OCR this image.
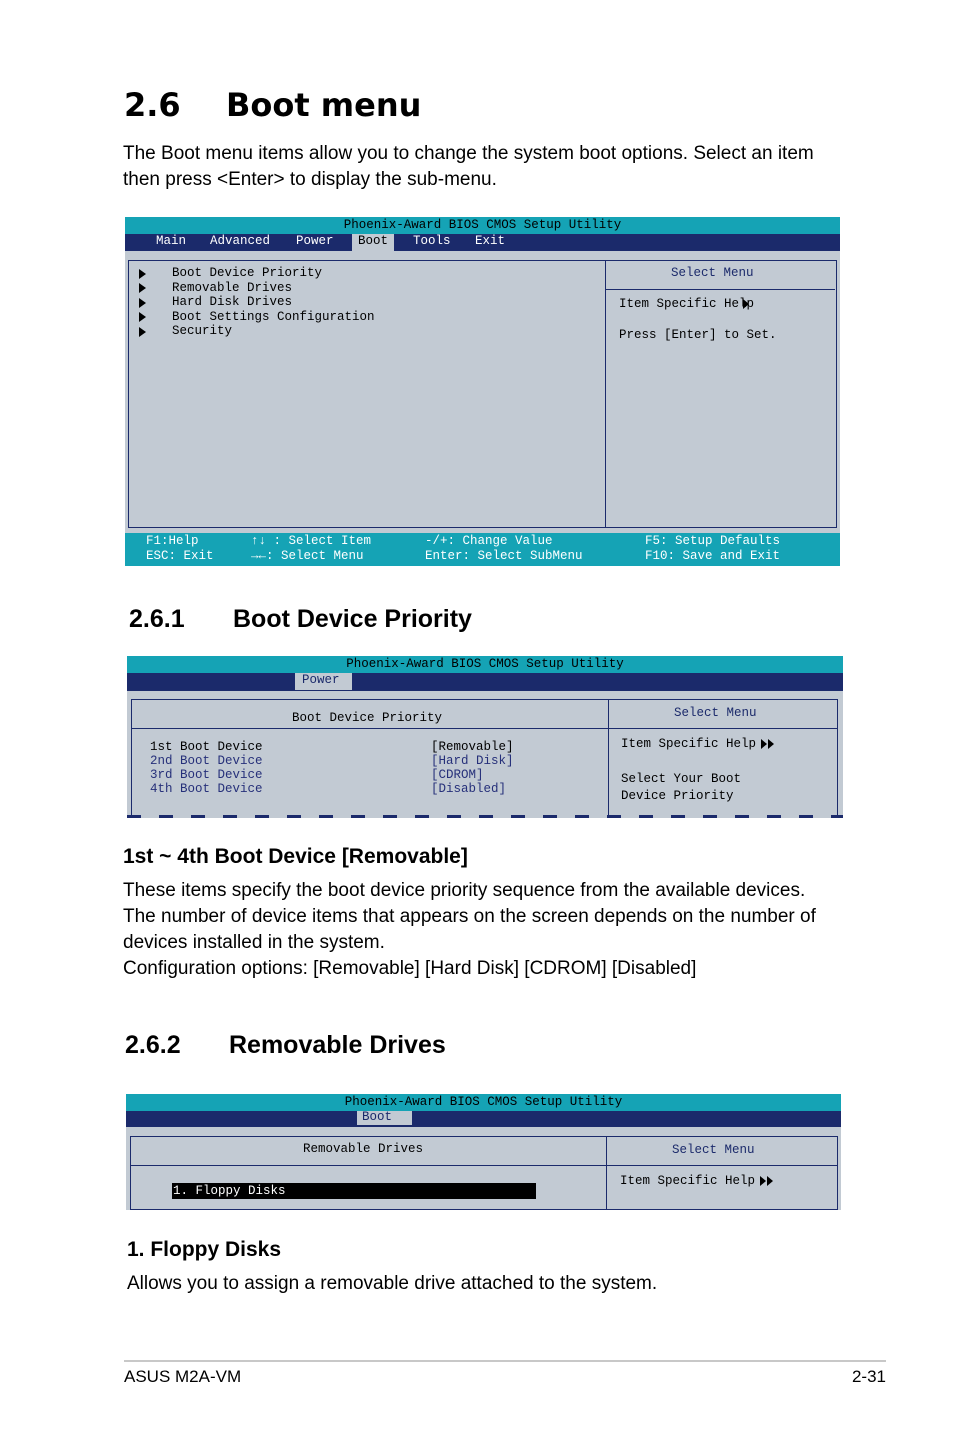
2.6 Boot menu
The Boot menu items allow you to change the system boot options. Select an item then press <Enter> to display the sub-menu.
Phoenix-Award BIOS CMOS Setup Utility
Main Advanced Power	Boot	Tools Exit
Boot Device Priority
Removable Drives
Hard Disk Drives
Boot Settings Configuration
Security
Select Menu
Item Specific Help
Press [Enter] to Set.
F1:Help
ESC: Exit
↑↓ : Select Item
→←: Select Menu
-/+: Change Value
Enter: Select SubMenu
F5: Setup Defaults
F10: Save and Exit
2.6.1 Boot Device Priority
Phoenix-Award BIOS CMOS Setup Utility
Power
Boot Device Priority
1st Boot Device	[Removable]
2nd Boot Device	[Hard Disk]
3rd Boot Device	[CDROM]
4th Boot Device	[Disabled]
Select Menu
Item Specific Help
Select Your Boot
Device Priority
1st ~ 4th Boot Device [Removable]

These items specify the boot device priority sequence from the available devices.

The number of device items that appears on the screen depends on the number of

devices installed in the system.

Configuration options: [Removable] [Hard Disk] [CDROM] [Disabled]

2.6.2 Removable Drives
Phoenix-Award BIOS CMOS Setup Utility
Boot
Removable Drives
1. Floppy Disks
Select Menu
Item Specific Help
1. Floppy Disks
Allows you to assign a removable drive attached to the system.
ASUS M2A-VM	2-31
